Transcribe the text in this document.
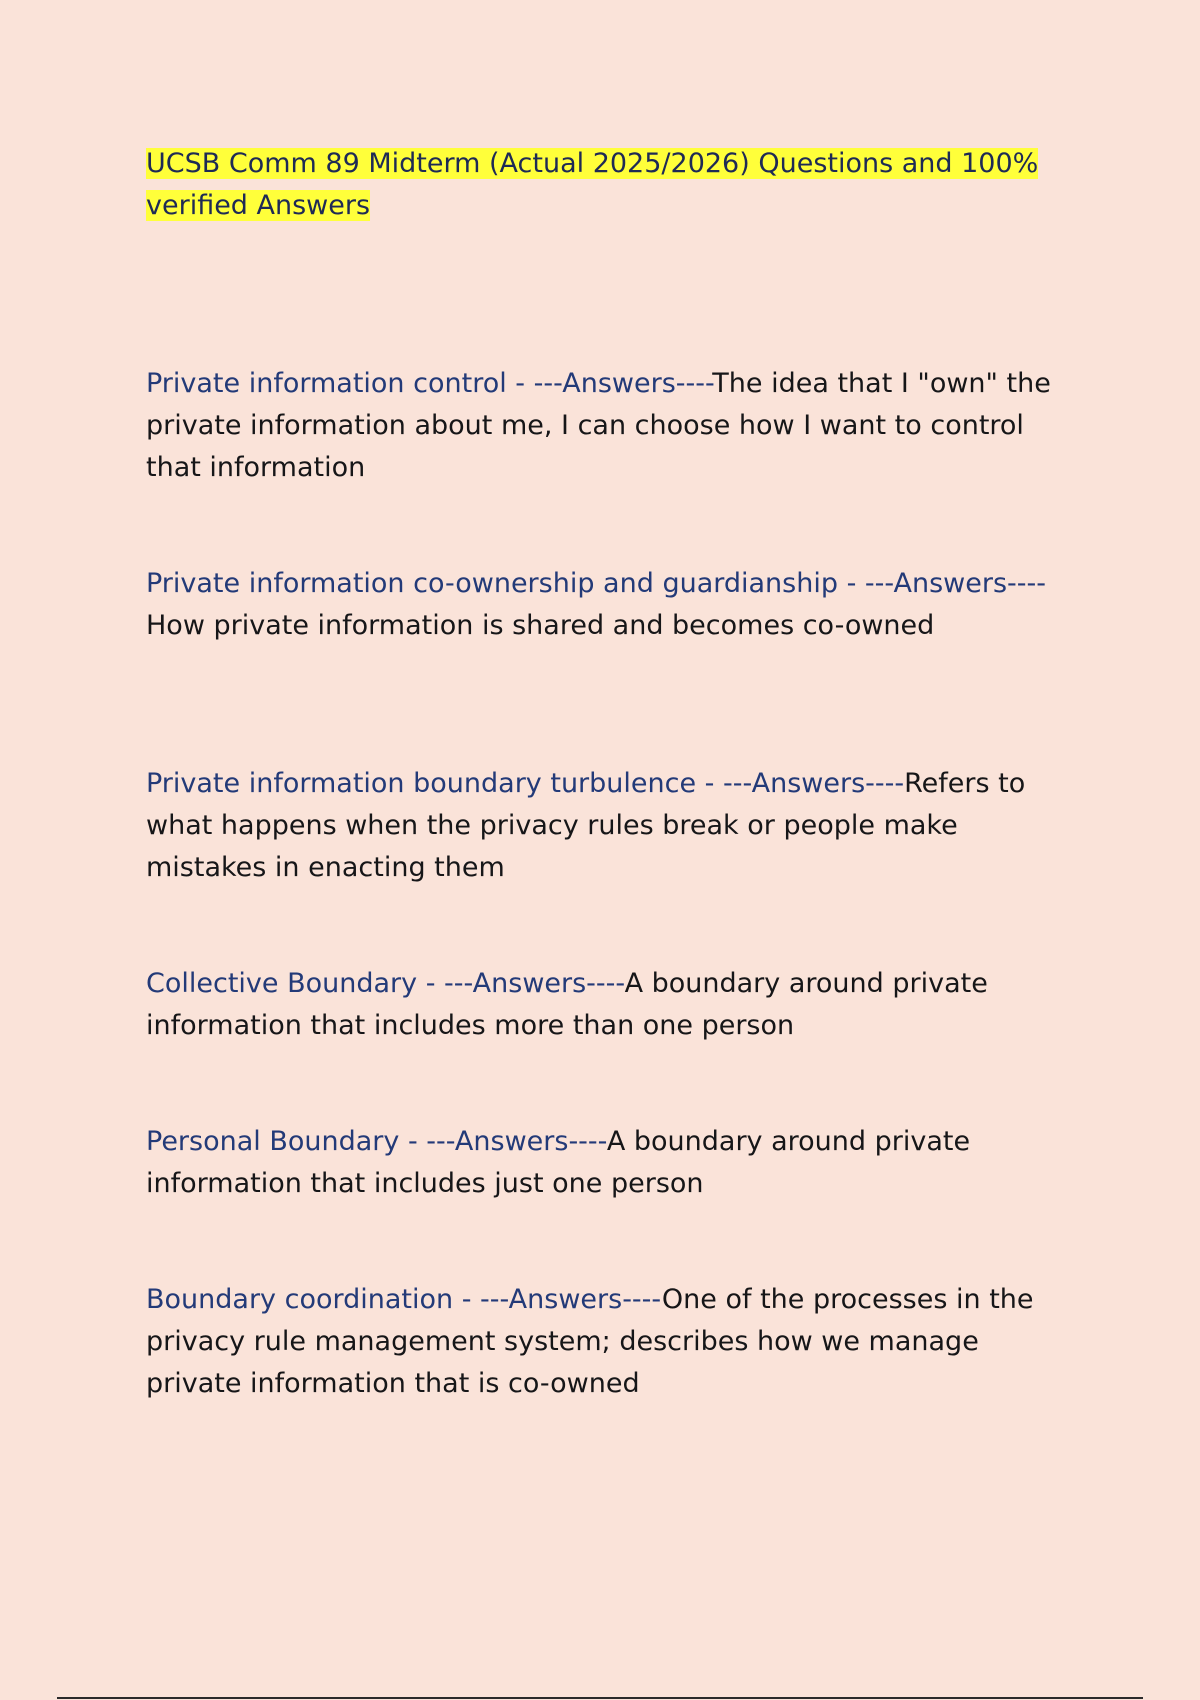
UCSB Comm 89 Midterm (Actual 2025/2026) Questions and 100% verified Answers

Private information control - ---Answers----The idea that I "own" the private information about me, I can choose how I want to control that information

Private information co-ownership and guardianship - ---Answers----How private information is shared and becomes co-owned

Private information boundary turbulence - ---Answers----Refers to what happens when the privacy rules break or people make mistakes in enacting them

Collective Boundary - ---Answers----A boundary around private information that includes more than one person

Personal Boundary - ---Answers----A boundary around private information that includes just one person

Boundary coordination - ---Answers----One of the processes in the privacy rule management system; describes how we manage private information that is co-owned
